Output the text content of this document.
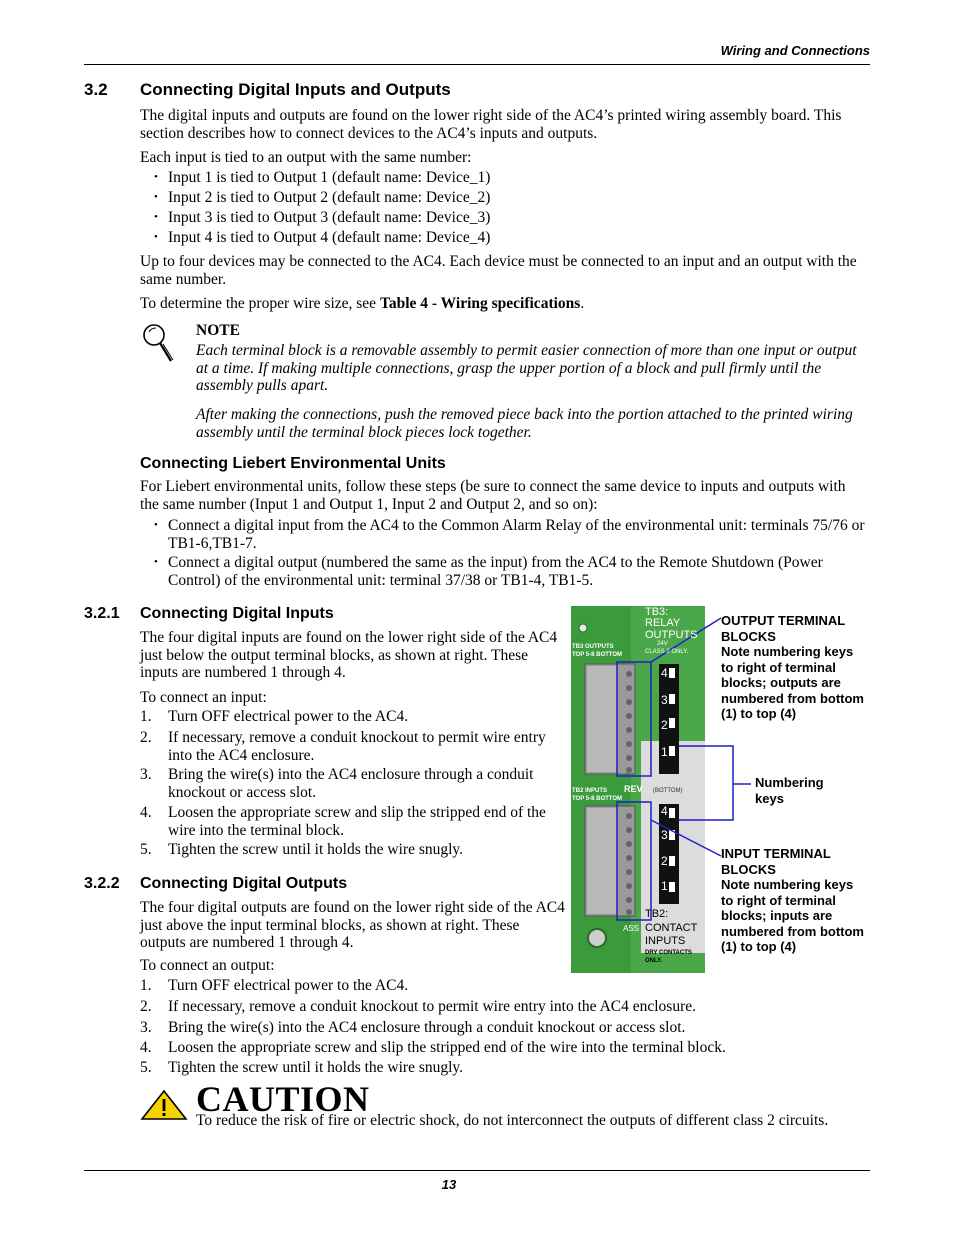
Wiring and Connections
3.2 Connecting Digital Inputs and Outputs
The digital inputs and outputs are found on the lower right side of the AC4’s printed wiring assembly board. This section describes how to connect devices to the AC4’s inputs and outputs.
Each input is tied to an output with the same number:
• Input 1 is tied to Output 1 (default name: Device_1)
• Input 2 is tied to Output 2 (default name: Device_2)
• Input 3 is tied to Output 3 (default name: Device_3)
• Input 4 is tied to Output 4 (default name: Device_4)
Up to four devices may be connected to the AC4. Each device must be connected to an input and an output with the same number.
To determine the proper wire size, see Table 4 - Wiring specifications.
NOTE
Each terminal block is a removable assembly to permit easier connection of more than one input or output at a time. If making multiple connections, grasp the upper portion of a block and pull firmly until the assembly pulls apart.
After making the connections, push the removed piece back into the portion attached to the printed wiring assembly until the terminal block pieces lock together.
Connecting Liebert Environmental Units
For Liebert environmental units, follow these steps (be sure to connect the same device to inputs and outputs with the same number (Input 1 and Output 1, Input 2 and Output 2, and so on):
• Connect a digital input from the AC4 to the Common Alarm Relay of the environmental unit: terminals 75/76 or TB1-6,TB1-7.
• Connect a digital output (numbered the same as the input) from the AC4 to the Remote Shutdown (Power Control) of the environmental unit: terminal 37/38 or TB1-4, TB1-5.
3.2.1 Connecting Digital Inputs
The four digital inputs are found on the lower right side of the AC4 just below the output terminal blocks, as shown at right. These inputs are numbered 1 through 4.
To connect an input:
1. Turn OFF electrical power to the AC4.
2. If necessary, remove a conduit knockout to permit wire entry into the AC4 enclosure.
3. Bring the wire(s) into the AC4 enclosure through a conduit knockout or access slot.
4. Loosen the appropriate screw and slip the stripped end of the wire into the terminal block.
5. Tighten the screw until it holds the wire snugly.
3.2.2 Connecting Digital Outputs
The four digital outputs are found on the lower right side of the AC4 just above the input terminal blocks, as shown at right. These outputs are numbered 1 through 4.
To connect an output:
1. Turn OFF electrical power to the AC4.
2. If necessary, remove a conduit knockout to permit wire entry into the AC4 enclosure.
3. Bring the wire(s) into the AC4 enclosure through a conduit knockout or access slot.
4. Loosen the appropriate screw and slip the stripped end of the wire into the terminal block.
5. Tighten the screw until it holds the wire snugly.
TB3:
RELAY
OUTPUTS
24V
CLASS 2 ONLY.
TB3 OUTPUTS
TOP 5-8 BOTTOM
TB2 INPUTS
TOP 5-8 BOTTOM
REV (BOTTOM)
TB2:
CONTACT
INPUTS
DRY CONTACTS
ONLY.
ASS
4
3
2
1
4
3
2
1
OUTPUT TERMINAL BLOCKS
Note numbering keys to right of terminal blocks; outputs are numbered from bottom (1) to top (4)
Numbering keys
INPUT TERMINAL BLOCKS
Note numbering keys to right of terminal blocks; inputs are numbered from bottom (1) to top (4)
CAUTION
To reduce the risk of fire or electric shock, do not interconnect the outputs of different class 2 circuits.
13
